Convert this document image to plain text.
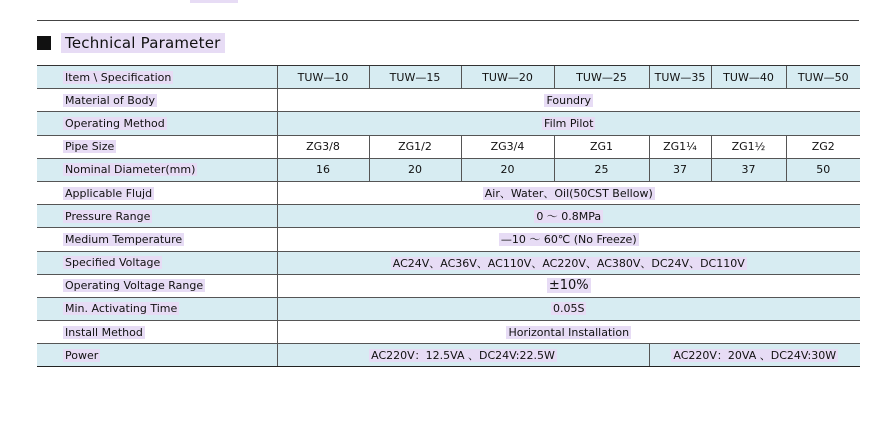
Technical Parameter
Item \ Specification	TUW—10	TUW—15	TUW—20	TUW—25	TUW—35	TUW—40	TUW—50
Material of Body	Foundry						
Operating Method	Film Pilot						
Pipe Size	ZG3/8	ZG1/2	ZG3/4	ZG1	ZG1¼	ZG1½	ZG2
Nominal Diameter(mm)	16	20	20	25	37	37	50
Applicable Flujd	Air、Water、Oil(50CST Bellow)						
Pressure Range	0 ～ 0.8MPa						
Medium Temperature	—10 ～ 60℃ (No Freeze)						
Specified Voltage	AC24V、AC36V、AC110V、AC220V、AC380V、DC24V、DC110V						
Operating Voltage Range	±10%						
Min. Activating Time	0.05S						
Install Method	Horizontal Installation						
Power	AC220V：12.5VA 、DC24V:22.5W				AC220V：20VA 、DC24V:30W		
